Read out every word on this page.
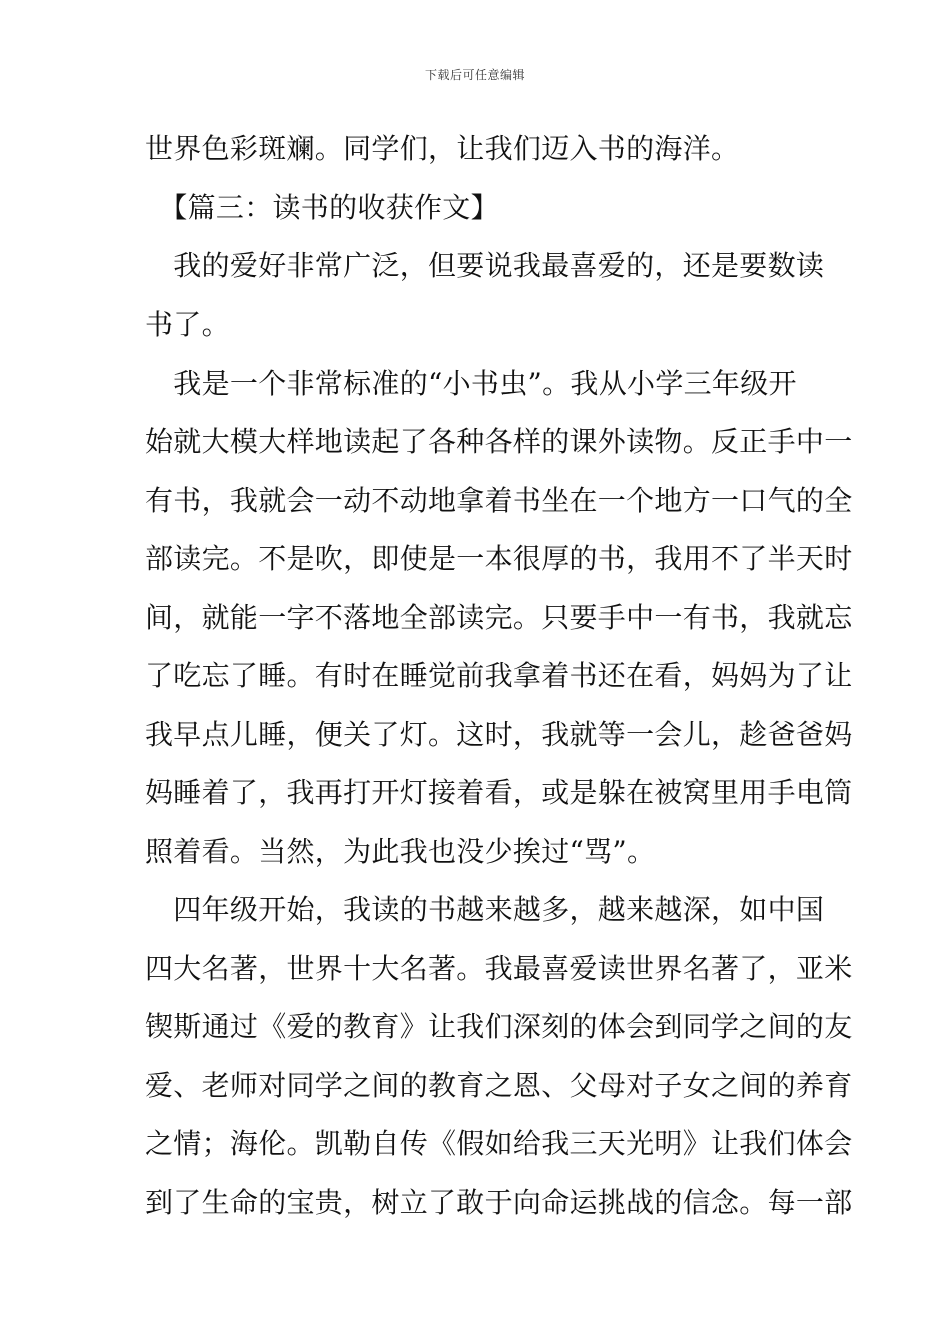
下载后可任意编辑
世界色彩斑斓。同学们，让我们迈入书的海洋。
　【篇三：读书的收获作文】
　我的爱好非常广泛，但要说我最喜爱的，还是要数读
书了。
　我是一个非常标准的“小书虫”。我从小学三年级开
始就大模大样地读起了各种各样的课外读物。反正手中一
有书，我就会一动不动地拿着书坐在一个地方一口气的全
部读完。不是吹，即使是一本很厚的书，我用不了半天时
间，就能一字不落地全部读完。只要手中一有书，我就忘
了吃忘了睡。有时在睡觉前我拿着书还在看，妈妈为了让
我早点儿睡，便关了灯。这时，我就等一会儿，趁爸爸妈
妈睡着了，我再打开灯接着看，或是躲在被窝里用手电筒
照着看。当然，为此我也没少挨过“骂”。
　四年级开始，我读的书越来越多，越来越深，如中国
四大名著，世界十大名著。我最喜爱读世界名著了，亚米
锲斯通过《爱的教育》让我们深刻的体会到同学之间的友
爱、老师对同学之间的教育之恩、父母对子女之间的养育
之情；海伦。凯勒自传《假如给我三天光明》让我们体会
到了生命的宝贵，树立了敢于向命运挑战的信念。每一部
